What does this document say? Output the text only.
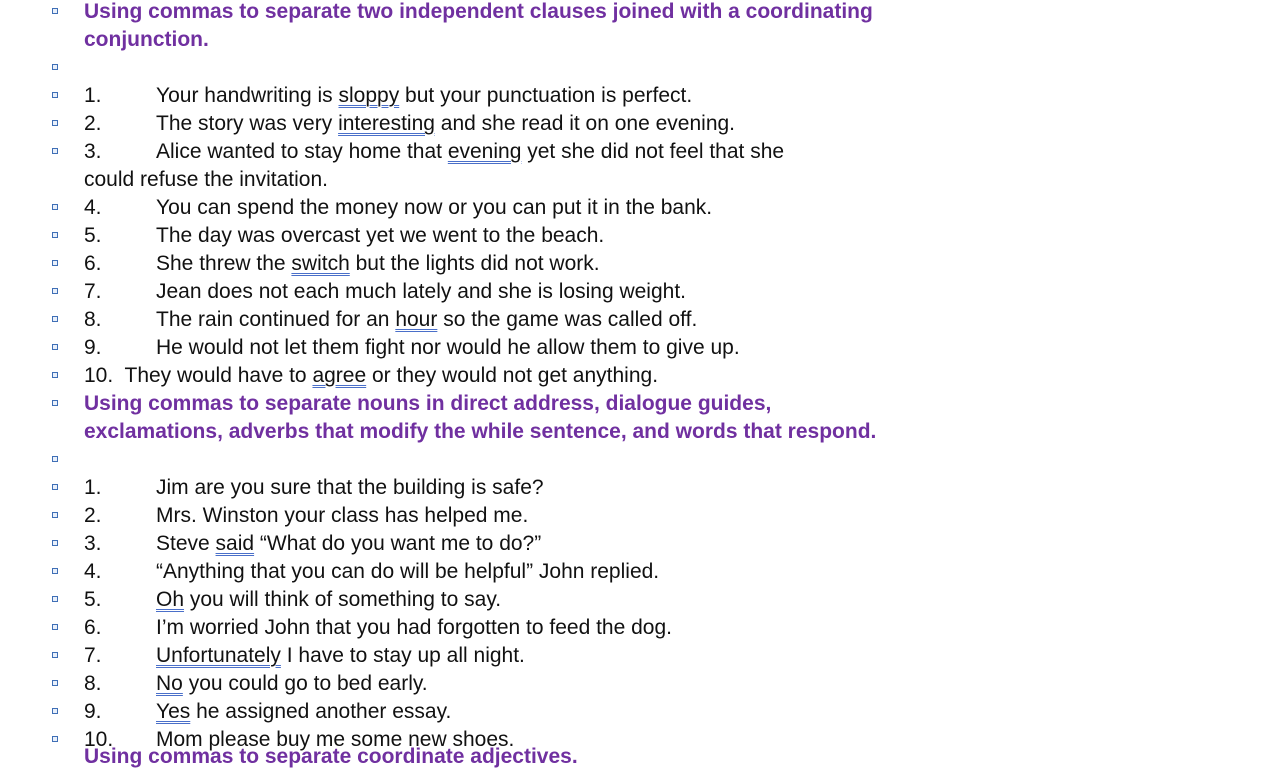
Using commas to separate two independent clauses joined with a coordinating
conjunction.
1.	Your handwriting is sloppy but your punctuation is perfect.
2.	The story was very interesting and she read it on one evening.
3.	Alice wanted to stay home that evening yet she did not feel that she
could refuse the invitation.
4.	You can spend the money now or you can put it in the bank.
5.	The day was overcast yet we went to the beach.
6.	She threw the switch but the lights did not work.
7.	Jean does not each much lately and she is losing weight.
8.	The rain continued for an hour so the game was called off.
9.	He would not let them fight nor would he allow them to give up.
10. They would have to agree or they would not get anything.
Using commas to separate nouns in direct address, dialogue guides,
exclamations, adverbs that modify the while sentence, and words that respond.
1.	Jim are you sure that the building is safe?
2.	Mrs. Winston your class has helped me.
3.	Steve said “What do you want me to do?”
4.	“Anything that you can do will be helpful” John replied.
5.	Oh you will think of something to say.
6.	I’m worried John that you had forgotten to feed the dog.
7.	Unfortunately I have to stay up all night.
8.	No you could go to bed early.
9.	Yes he assigned another essay.
10. Mom please buy me some new shoes.
Using commas to separate coordinate adjectives.
